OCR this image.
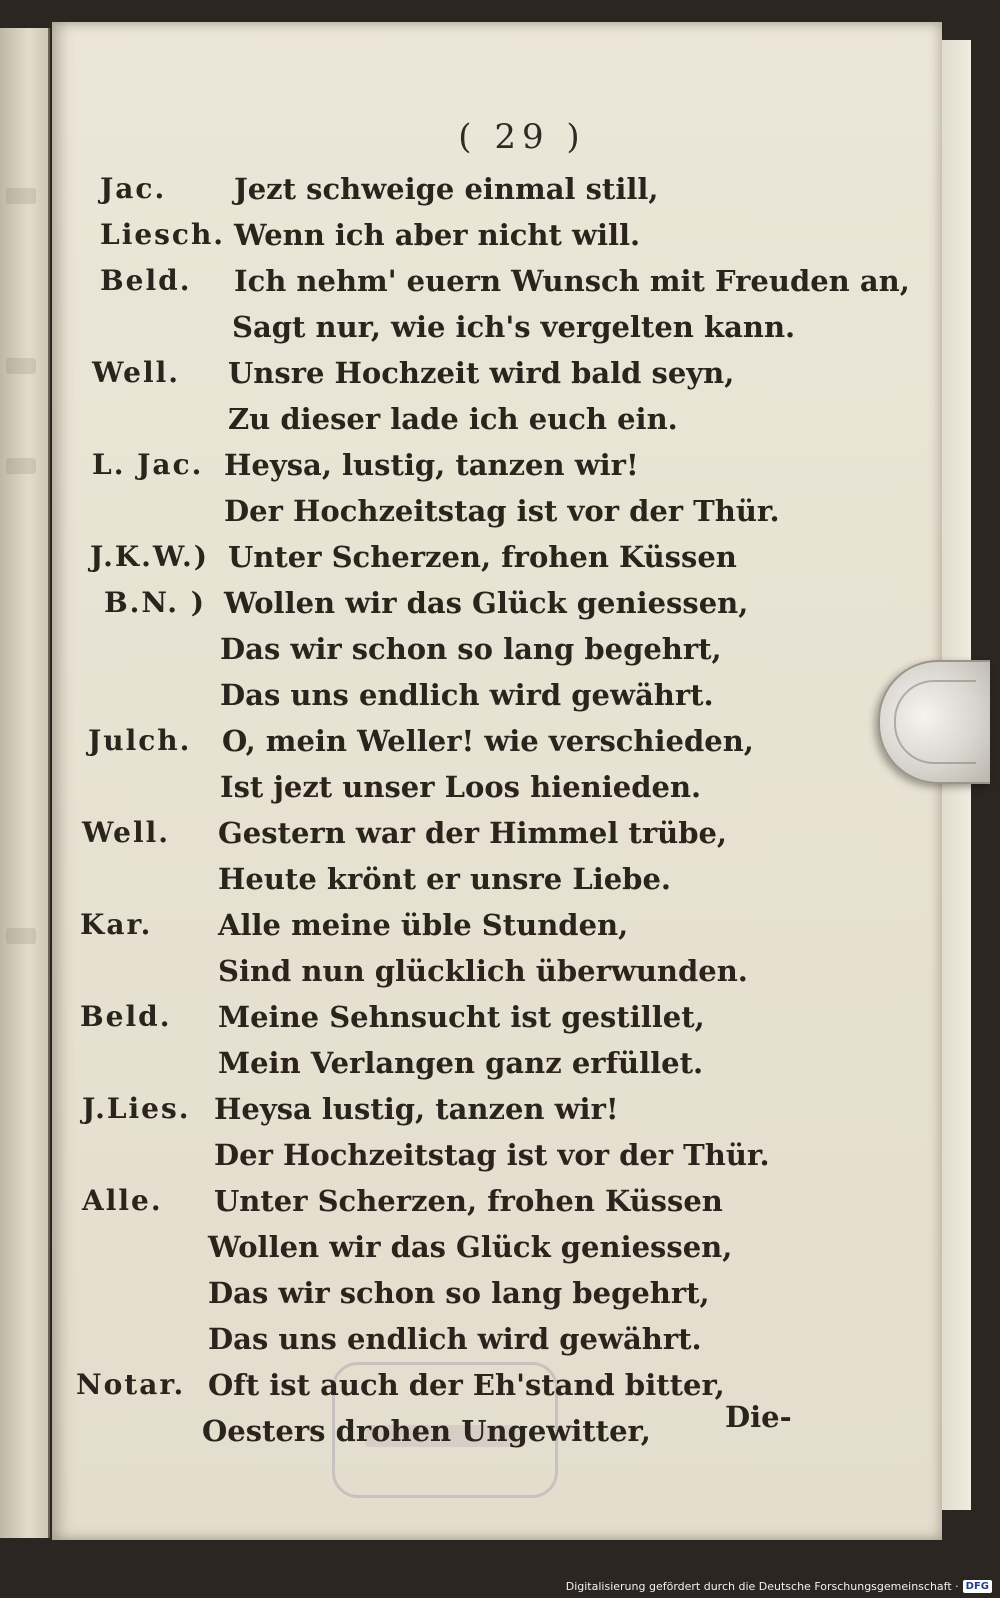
( 29 )
Jac. Jezt schweige einmal still,
Liesch. Wenn ich aber nicht will.
Beld. Ich nehm' euern Wunsch mit Freuden an,
Sagt nur, wie ich's vergelten kann.
Well. Unsre Hochzeit wird bald seyn,
Zu dieser lade ich euch ein.
L. Jac. Heysa, lustig, tanzen wir!
Der Hochzeitstag ist vor der Thür.
J.K.W.) Unter Scherzen, frohen Küssen
B.N. ) Wollen wir das Glück geniessen,
Das wir schon so lang begehrt,
Das uns endlich wird gewährt.
Julch. O, mein Weller! wie verschieden,
Ist jezt unser Loos hienieden.
Well. Gestern war der Himmel trübe,
Heute krönt er unsre Liebe.
Kar. Alle meine üble Stunden,
Sind nun glücklich überwunden.
Beld. Meine Sehnsucht ist gestillet,
Mein Verlangen ganz erfüllet.
J.Lies. Heysa lustig, tanzen wir!
Der Hochzeitstag ist vor der Thür.
Alle. Unter Scherzen, frohen Küssen
Wollen wir das Glück geniessen,
Das wir schon so lang begehrt,
Das uns endlich wird gewährt.
Notar. Oft ist auch der Eh'stand bitter,
Oesters drohen Ungewitter,	Die-
Digitalisierung gefördert durch die Deutsche Forschungsgemeinschaft · DFG
